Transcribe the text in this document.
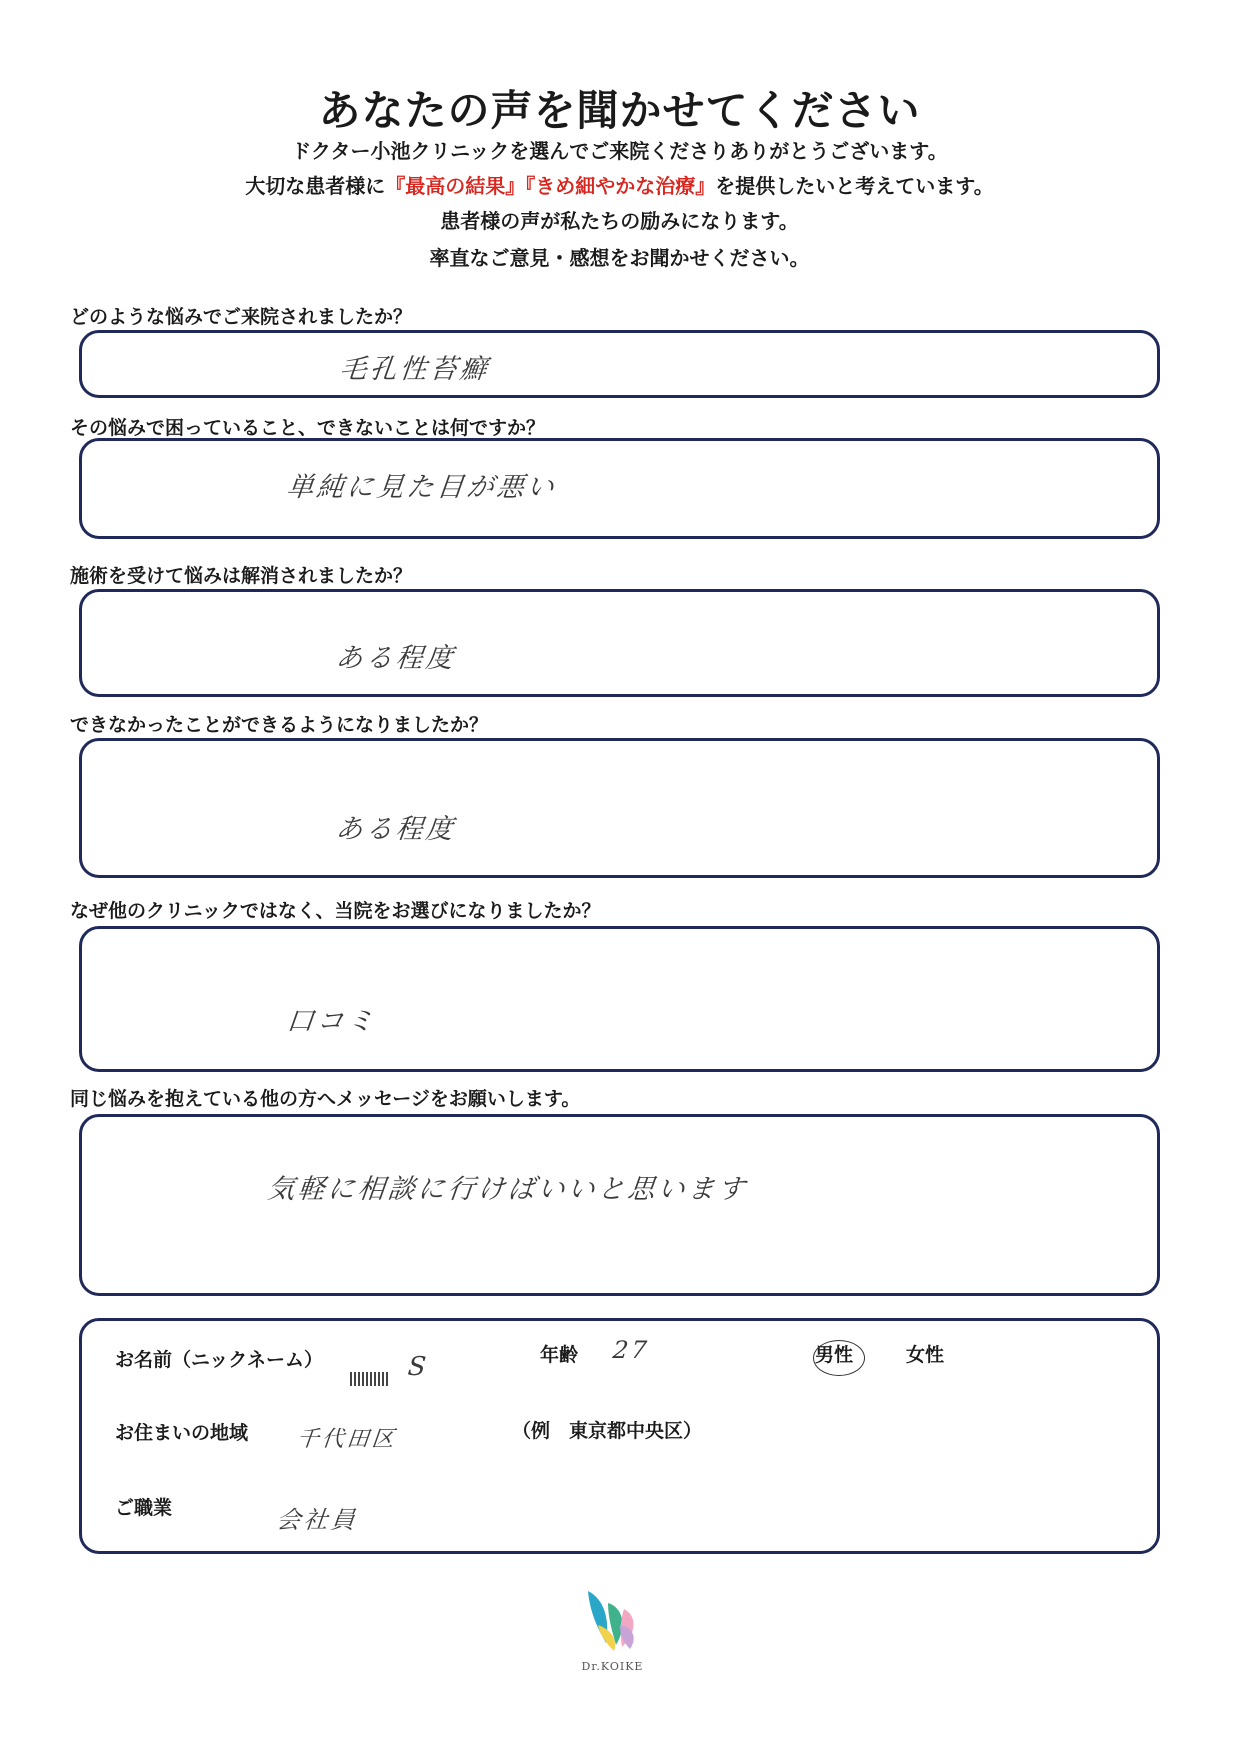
あなたの声を聞かせてください

ドクター小池クリニックを選んでご来院くださりありがとうございます。

大切な患者様に『最高の結果』『きめ細やかな治療』を提供したいと考えています。

患者様の声が私たちの励みになります。

率直なご意見・感想をお聞かせください。

どのような悩みでご来院されましたか？

毛孔性苔癬

その悩みで困っていること、できないことは何ですか？

単純に見た目が悪い

施術を受けて悩みは解消されましたか？

ある程度

できなかったことができるようになりましたか？

ある程度

なぜ他のクリニックではなく、当院をお選びになりましたか？

口コミ

同じ悩みを抱えている他の方へメッセージをお願いします。

気軽に相談に行けばいいと思います
お名前（ニックネーム）	S	年齢 27	男性	女性
お住まいの地域 千代田区	（例　東京都中央区）
ご職業	会社員
Dr.KOIKE
